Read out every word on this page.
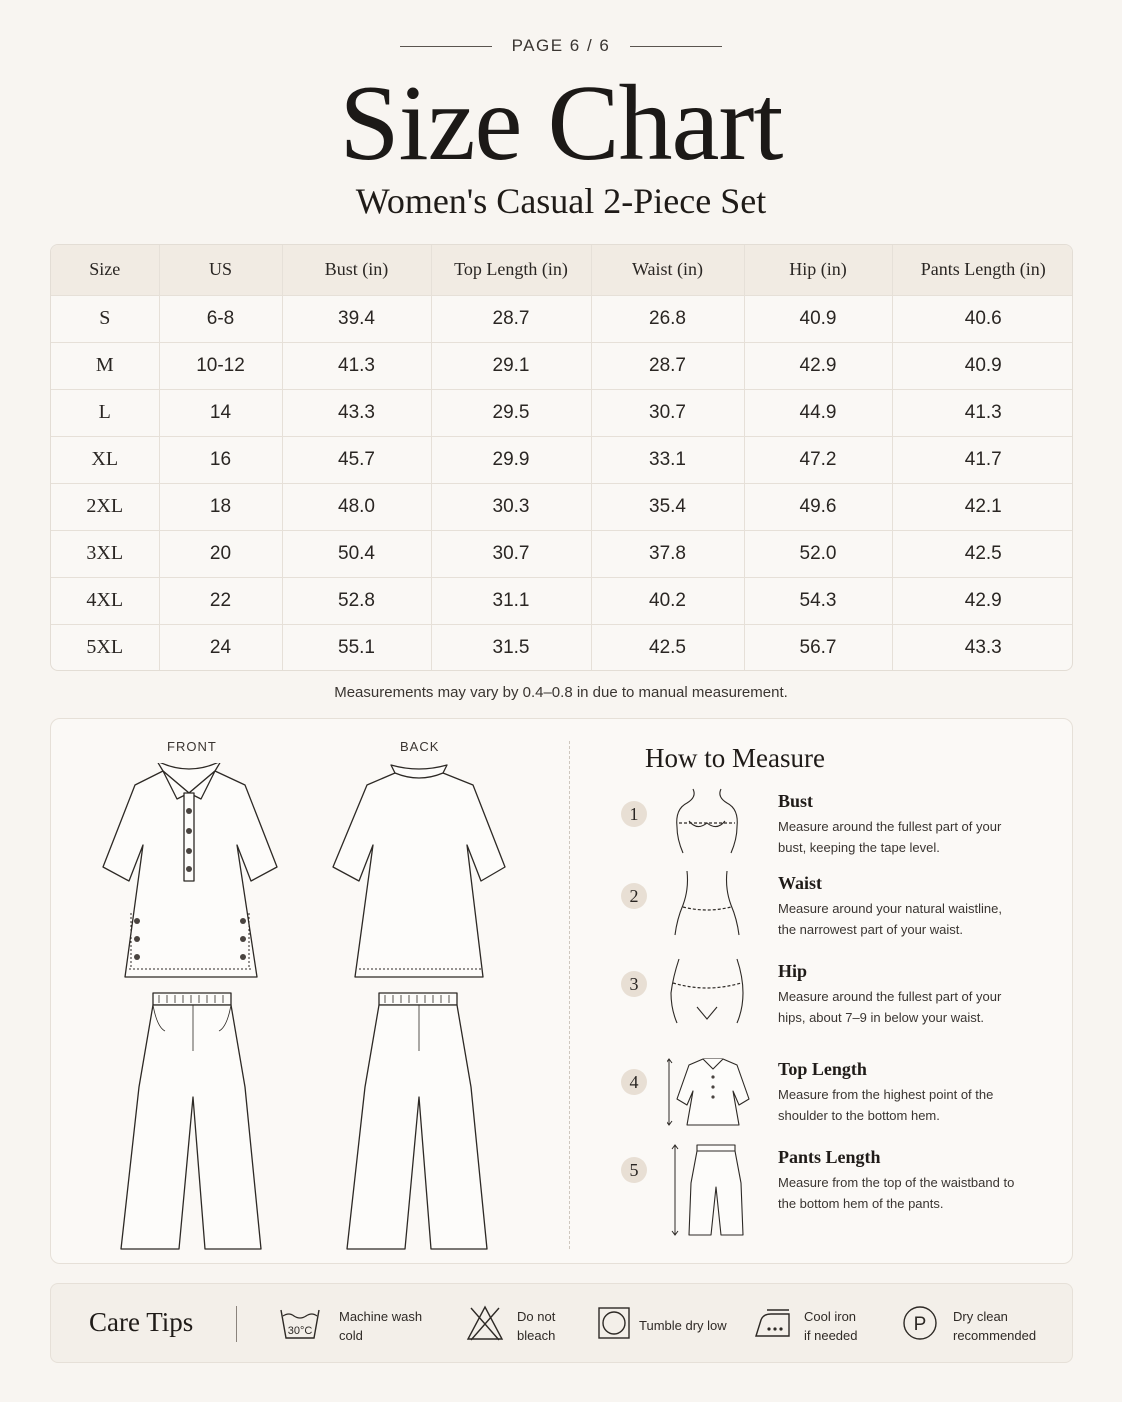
PAGE 6 / 6
Size Chart
Women's Casual 2-Piece Set
Size	US	Bust (in)	Top Length (in)	Waist (in)	Hip (in)	Pants Length (in)
S	6-8	39.4	28.7	26.8	40.9	40.6
M	10-12	41.3	29.1	28.7	42.9	40.9
L	14	43.3	29.5	30.7	44.9	41.3
XL	16	45.7	29.9	33.1	47.2	41.7
2XL	18	48.0	30.3	35.4	49.6	42.1
3XL	20	50.4	30.7	37.8	52.0	42.5
4XL	22	52.8	31.1	40.2	54.3	42.9
5XL	24	55.1	31.5	42.5	56.7	43.3
Measurements may vary by 0.4–0.8 in due to manual measurement.
FRONT	BACK	How to Measure
1
Bust
Measure around the fullest part of your bust, keeping the tape level.
2
Waist
Measure around your natural waistline, the narrowest part of your waist.
3
Hip
Measure around the fullest part of your hips, about 7–9 in below your waist.
4
Top Length
Measure from the highest point of the shoulder to the bottom hem.
5
Pants Length
Measure from the top of the waistband to the bottom hem of the pants.
Care Tips	30°C
Machine wash
cold
Do not
bleach
Tumble dry low
Cool iron
if needed
P Dry clean
recommended
